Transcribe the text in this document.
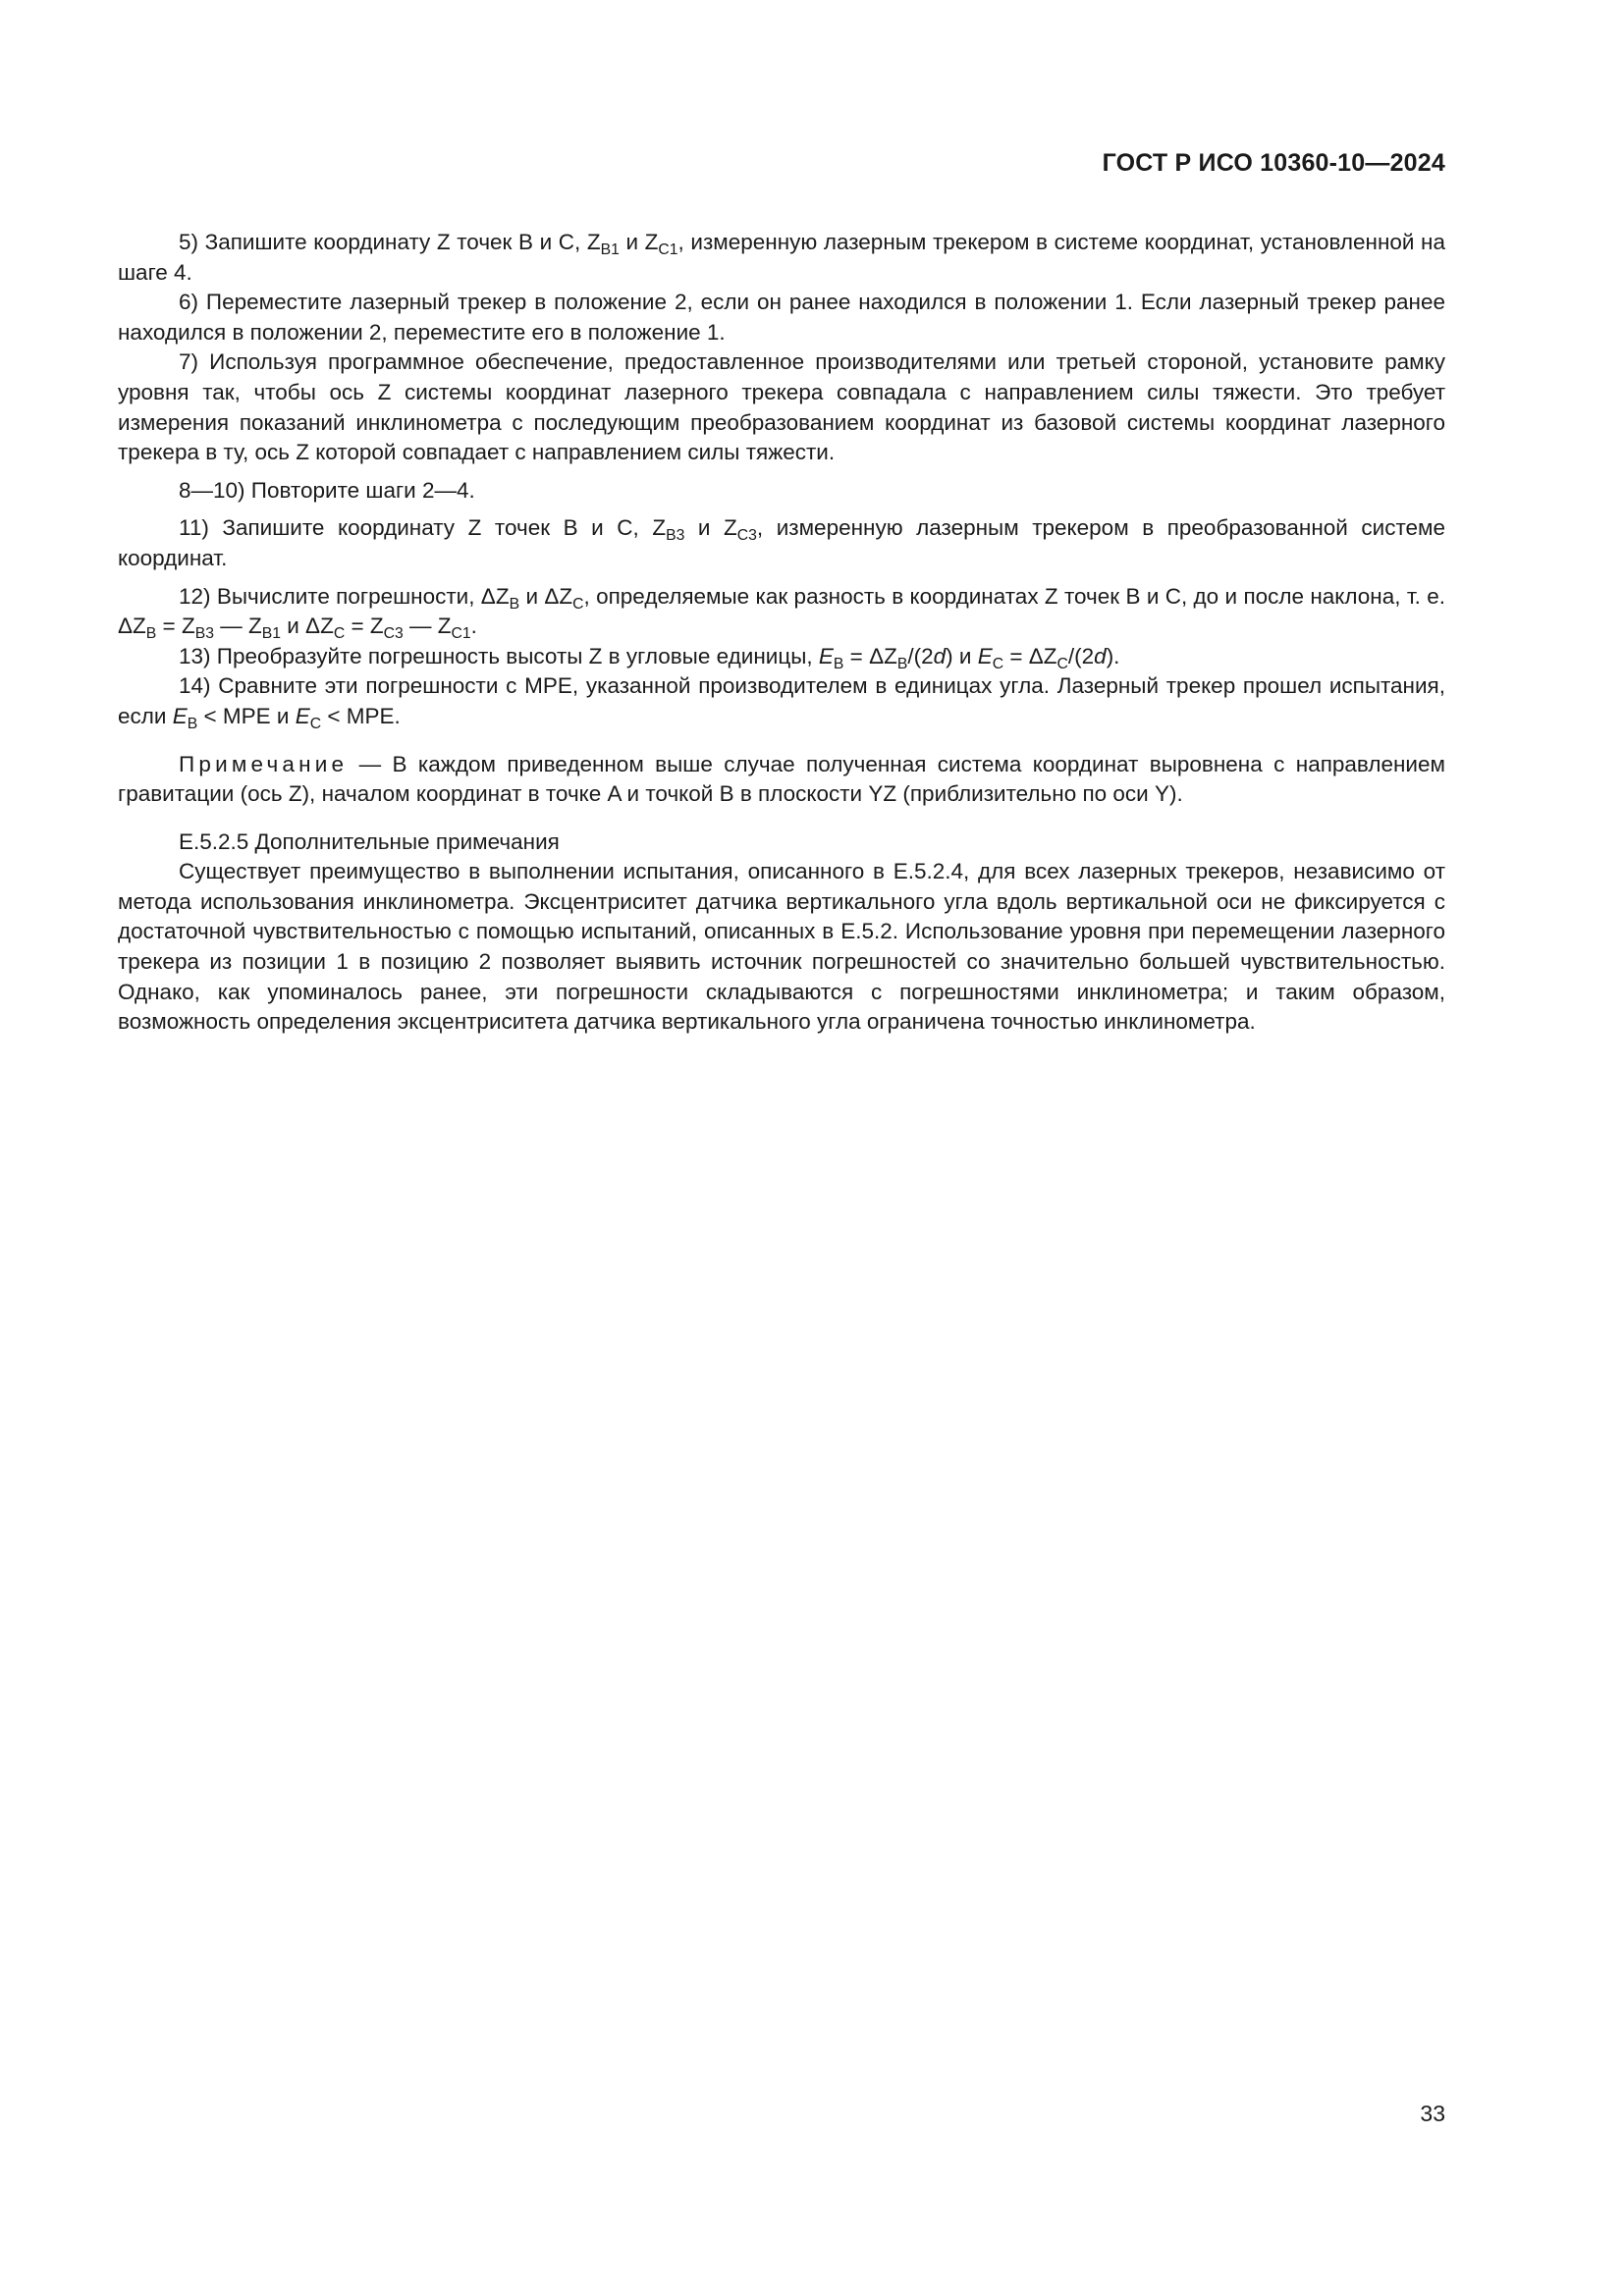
ГОСТ Р ИСО 10360-10—2024

5) Запишите координату Z точек B и C, $Z_{B1}$ и $Z_{C1}$, измеренную лазерным трекером в системе координат, установленной на шаге 4.

6) Переместите лазерный трекер в положение 2, если он ранее находился в положении 1. Если лазерный трекер ранее находился в положении 2, переместите его в положение 1.

7) Используя программное обеспечение, предоставленное производителями или третьей стороной, установите рамку уровня так, чтобы ось Z системы координат лазерного трекера совпадала с направлением силы тяжести. Это требует измерения показаний инклинометра с последующим преобразованием координат из базовой системы координат лазерного трекера в ту, ось Z которой совпадает с направлением силы тяжести.

8—10) Повторите шаги 2—4.

11) Запишите координату Z точек B и C, $Z_{B3}$ и $Z_{C3}$, измеренную лазерным трекером в преобразованной системе координат.

12) Вычислите погрешности, $\Delta Z_B$ и $\Delta Z_C$, определяемые как разность в координатах Z точек B и C, до и после наклона, т. е. $\Delta Z_B = Z_{B3}$ — $Z_{B1}$ и $\Delta Z_C = Z_{C3}$ — $Z_{C1}$.

13) Преобразуйте погрешность высоты Z в угловые единицы, $E_B = \Delta Z_B/(2d)$ и $E_C = \Delta Z_C/(2d)$.

14) Сравните эти погрешности с MPE, указанной производителем в единицах угла. Лазерный трекер прошел испытания, если $E_B$ < MPE и $E_C$ < MPE.

Примечание — В каждом приведенном выше случае полученная система координат выровнена с направлением гравитации (ось Z), началом координат в точке A и точкой B в плоскости YZ (приблизительно по оси Y).

E.5.2.5 Дополнительные примечания

Существует преимущество в выполнении испытания, описанного в E.5.2.4, для всех лазерных трекеров, независимо от метода использования инклинометра. Эксцентриситет датчика вертикального угла вдоль вертикальной оси не фиксируется с достаточной чувствительностью с помощью испытаний, описанных в E.5.2. Использование уровня при перемещении лазерного трекера из позиции 1 в позицию 2 позволяет выявить источник погрешностей со значительно большей чувствительностью. Однако, как упоминалось ранее, эти погрешности складываются с погрешностями инклинометра; и таким образом, возможность определения эксцентриситета датчика вертикального угла ограничена точностью инклинометра.

33
